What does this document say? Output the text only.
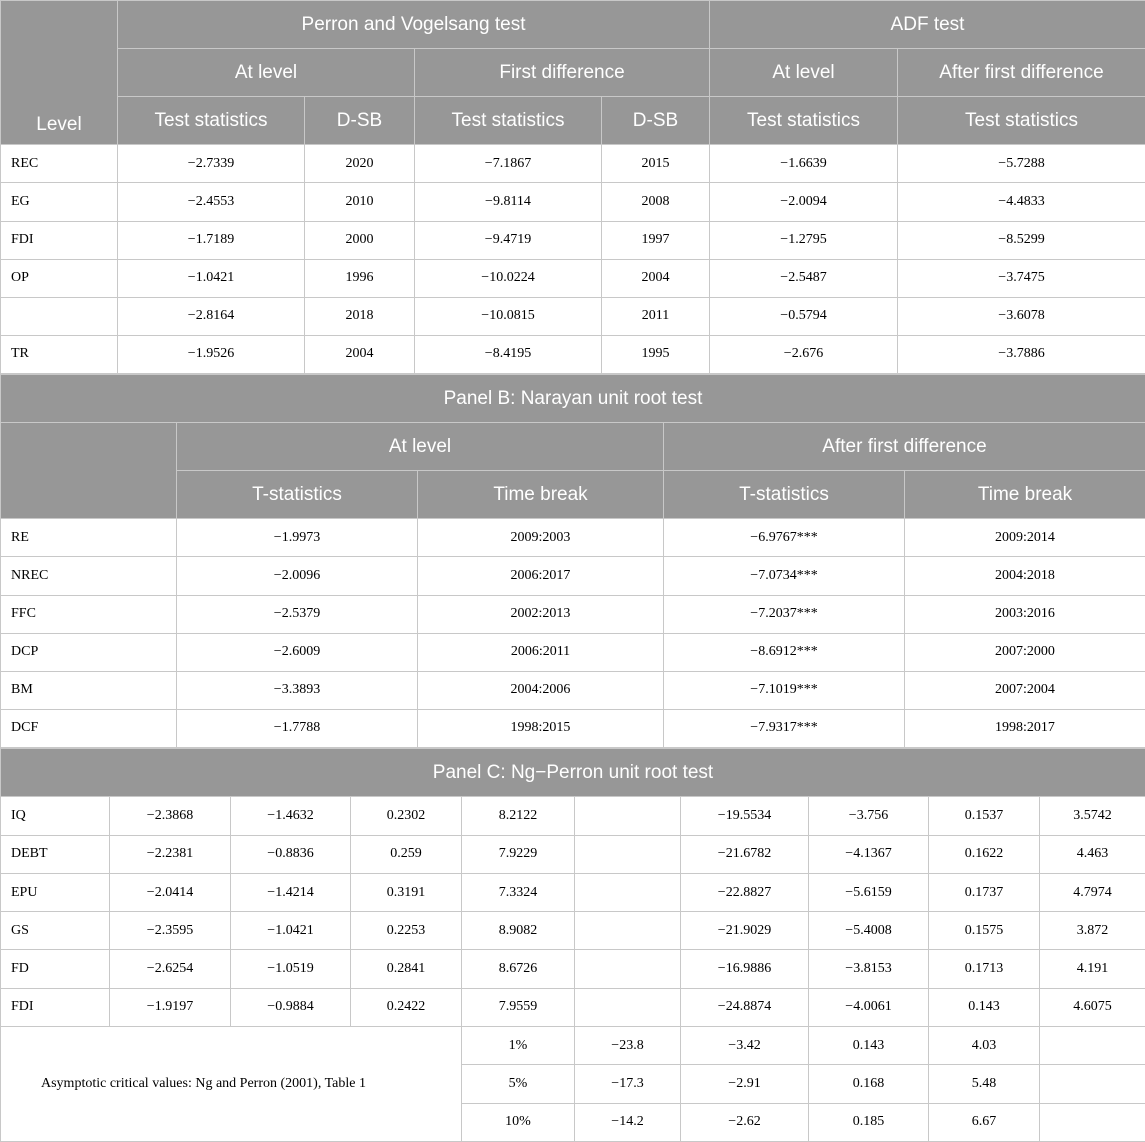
Level	Perron and Vogelsang test				ADF test	
	At level		First difference		At level	After first difference
	Test statistics	D-SB	Test statistics	D-SB	Test statistics	Test statistics
REC	−2.7339	2020	−7.1867	2015	−1.6639	−5.7288
EG	−2.4553	2010	−9.8114	2008	−2.0094	−4.4833
FDI	−1.7189	2000	−9.4719	1997	−1.2795	−8.5299
OP	−1.0421	1996	−10.0224	2004	−2.5487	−3.7475
	−2.8164	2018	−10.0815	2011	−0.5794	−3.6078
TR	−1.9526	2004	−8.4195	1995	−2.676	−3.7886
Panel B: Narayan unit root test				
	At level		After first difference	
	T-statistics	Time break	T-statistics	Time break
RE	−1.9973	2009:2003	−6.9767***	2009:2014
NREC	−2.0096	2006:2017	−7.0734***	2004:2018
FFC	−2.5379	2002:2013	−7.2037***	2003:2016
DCP	−2.6009	2006:2011	−8.6912***	2007:2000
BM	−3.3893	2004:2006	−7.1019***	2007:2004
DCF	−1.7788	1998:2015	−7.9317***	1998:2017
Panel C: Ng−Perron unit root test									
IQ	−2.3868	−1.4632	0.2302	8.2122		−19.5534	−3.756	0.1537	3.5742
DEBT	−2.2381	−0.8836	0.259	7.9229		−21.6782	−4.1367	0.1622	4.463
EPU	−2.0414	−1.4214	0.3191	7.3324		−22.8827	−5.6159	0.1737	4.7974
GS	−2.3595	−1.0421	0.2253	8.9082		−21.9029	−5.4008	0.1575	3.872
FD	−2.6254	−1.0519	0.2841	8.6726		−16.9886	−3.8153	0.1713	4.191
FDI	−1.9197	−0.9884	0.2422	7.9559		−24.8874	−4.0061	0.143	4.6075
Asymptotic critical values: Ng and Perron (2001), Table 1				1%	−23.8	−3.42	0.143	4.03	
				5%	−17.3	−2.91	0.168	5.48	
				10%	−14.2	−2.62	0.185	6.67	
